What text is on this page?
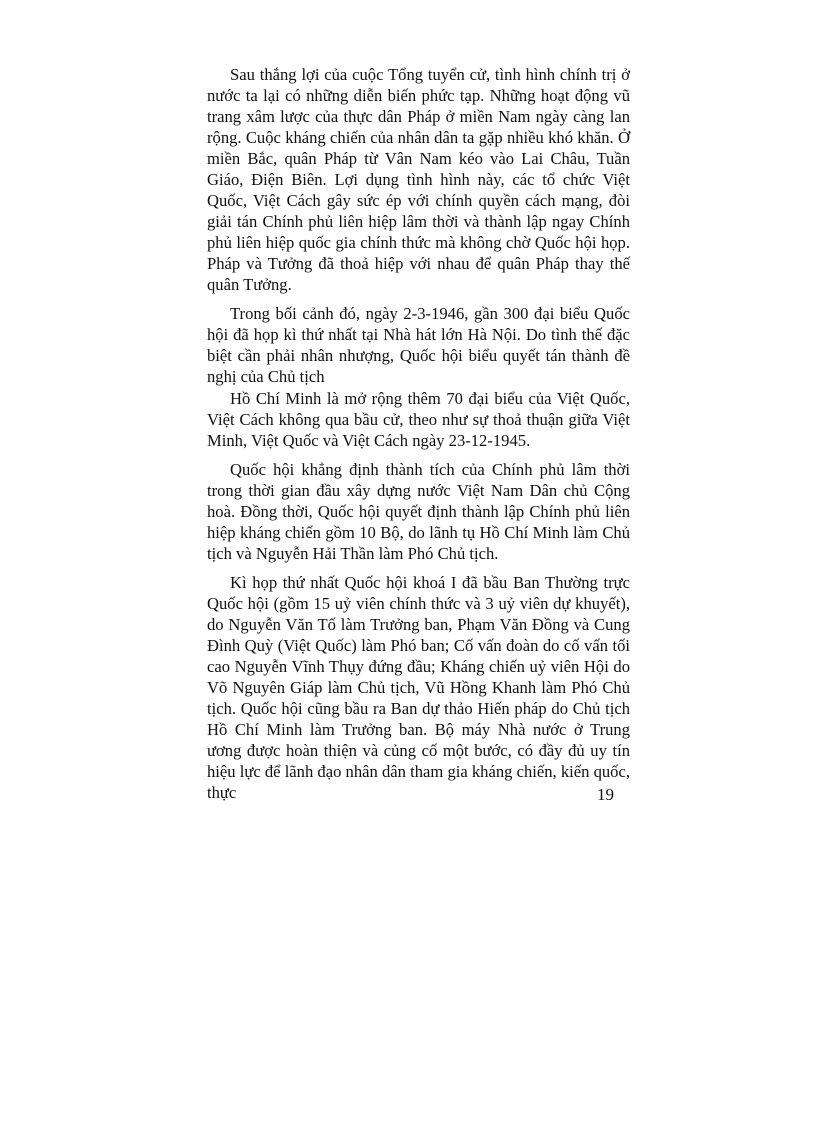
Sau thắng lợi của cuộc Tổng tuyển cử, tình hình chính trị ở nước ta lại có những diễn biến phức tạp. Những hoạt động vũ trang xâm lược của thực dân Pháp ở miền Nam ngày càng lan rộng. Cuộc kháng chiến của nhân dân ta gặp nhiều khó khăn. Ở miền Bắc, quân Pháp từ Vân Nam kéo vào Lai Châu, Tuần Giáo, Điện Biên. Lợi dụng tình hình này, các tổ chức Việt Quốc, Việt Cách gây sức ép với chính quyền cách mạng, đòi giải tán Chính phủ liên hiệp lâm thời và thành lập ngay Chính phủ liên hiệp quốc gia chính thức mà không chờ Quốc hội họp. Pháp và Tưởng đã thoả hiệp với nhau để quân Pháp thay thế quân Tưởng.

Trong bối cảnh đó, ngày 2-3-1946, gần 300 đại biểu Quốc hội đã họp kì thứ nhất tại Nhà hát lớn Hà Nội. Do tình thế đặc biệt cần phải nhân nhượng, Quốc hội biểu quyết tán thành đề nghị của Chủ tịch

Hồ Chí Minh là mở rộng thêm 70 đại biểu của Việt Quốc, Việt Cách không qua bầu cử, theo như sự thoả thuận giữa Việt Minh, Việt Quốc và Việt Cách ngày 23-12-1945.

Quốc hội khẳng định thành tích của Chính phủ lâm thời trong thời gian đầu xây dựng nước Việt Nam Dân chủ Cộng hoà. Đồng thời, Quốc hội quyết định thành lập Chính phủ liên hiệp kháng chiến gồm 10 Bộ, do lãnh tụ Hồ Chí Minh làm Chủ tịch và Nguyễn Hải Thần làm Phó Chủ tịch.

Kì họp thứ nhất Quốc hội khoá I đã bầu Ban Thường trực Quốc hội (gồm 15 uỷ viên chính thức và 3 uỷ viên dự khuyết), do Nguyễn Văn Tố làm Trưởng ban, Phạm Văn Đồng và Cung Đình Quỳ (Việt Quốc) làm Phó ban; Cố vấn đoàn do cố vấn tối cao Nguyễn Vĩnh Thụy đứng đầu; Kháng chiến uỷ viên Hội do Võ Nguyên Giáp làm Chủ tịch, Vũ Hồng Khanh làm Phó Chủ tịch. Quốc hội cũng bầu ra Ban dự thảo Hiến pháp do Chủ tịch Hồ Chí Minh làm Trưởng ban. Bộ máy Nhà nước ở Trung ương được hoàn thiện và củng cố một bước, có đầy đủ uy tín hiệu lực để lãnh đạo nhân dân tham gia kháng chiến, kiến quốc, thực	19
